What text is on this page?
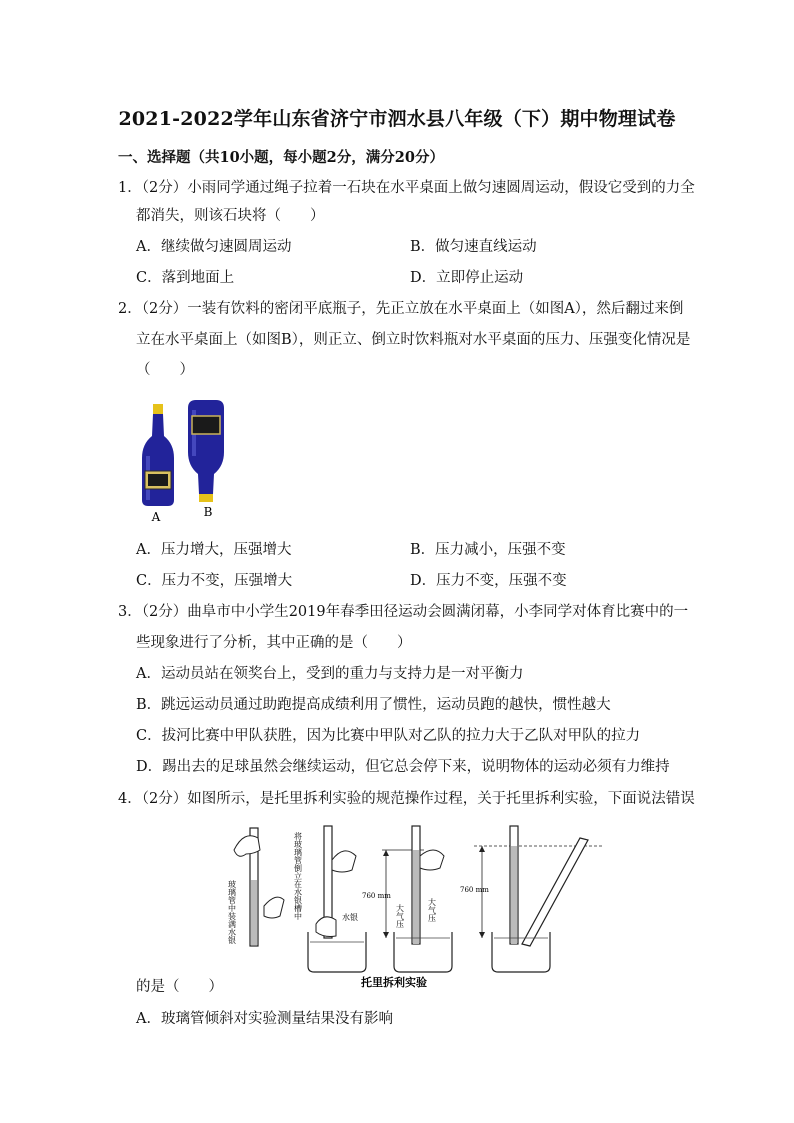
2021-2022学年山东省济宁市泗水县八年级（下）期中物理试卷
一、选择题（共10小题，每小题2分，满分20分）
1．（2分）小雨同学通过绳子拉着一石块在水平桌面上做匀速圆周运动，假设它受到的力全
都消失，则该石块将（　　）
A．继续做匀速圆周运动	B．做匀速直线运动
C．落到地面上	D．立即停止运动
2．（2分）一装有饮料的密闭平底瓶子，先正立放在水平桌面上（如图A），然后翻过来倒
立在水平桌面上（如图B），则正立、倒立时饮料瓶对水平桌面的压力、压强变化情况是
（　　）
A	B
A．压力增大，压强增大	B．压力减小，压强不变
C．压力不变，压强增大	D．压力不变，压强不变
3．（2分）曲阜市中小学生2019年春季田径运动会圆满闭幕，小李同学对体育比赛中的一
些现象进行了分析，其中正确的是（　　）
A．运动员站在领奖台上，受到的重力与支持力是一对平衡力
B．跳远运动员通过助跑提高成绩利用了惯性，运动员跑的越快，惯性越大
C．拔河比赛中甲队获胜，因为比赛中甲队对乙队的拉力大于乙队对甲队的拉力
D．踢出去的足球虽然会继续运动，但它总会停下来，说明物体的运动必须有力维持
4．（2分）如图所示，是托里拆利实验的规范操作过程，关于托里拆利实验，下面说法错误
玻璃管中装满水银	将玻璃管倒立在水银槽中	水银
760 mm
大气压	大气压
760 mm
托里拆利实验
的是（　　）
A．玻璃管倾斜对实验测量结果没有影响
